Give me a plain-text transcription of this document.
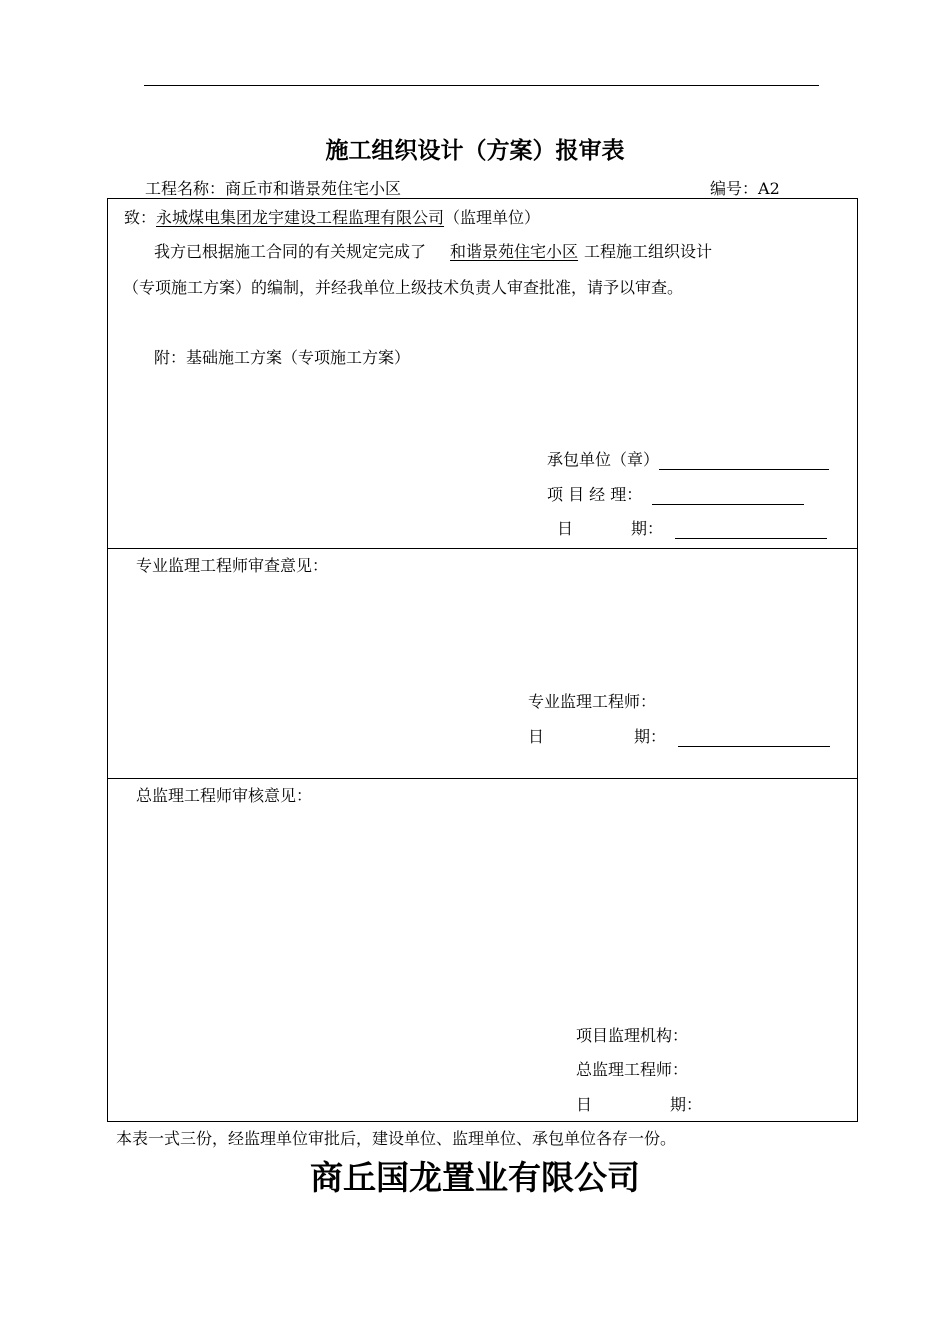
施工组织设计（方案）报审表
工程名称：商丘市和谐景苑住宅小区	编号：A2
致：永城煤电集团龙宇建设工程监理有限公司（监理单位）
我方已根据施工合同的有关规定完成了 和谐景苑住宅小区 工程施工组织设计
（专项施工方案）的编制，并经我单位上级技术负责人审查批准，请予以审查。
附：基础施工方案（专项施工方案）
承包单位（章）
项 目 经 理：
日	期：
专业监理工程师审查意见：
专业监理工程师：
日	期：
总监理工程师审核意见：
项目监理机构：
总监理工程师：
日	期：
本表一式三份，经监理单位审批后，建设单位、监理单位、承包单位各存一份。
商丘国龙置业有限公司
